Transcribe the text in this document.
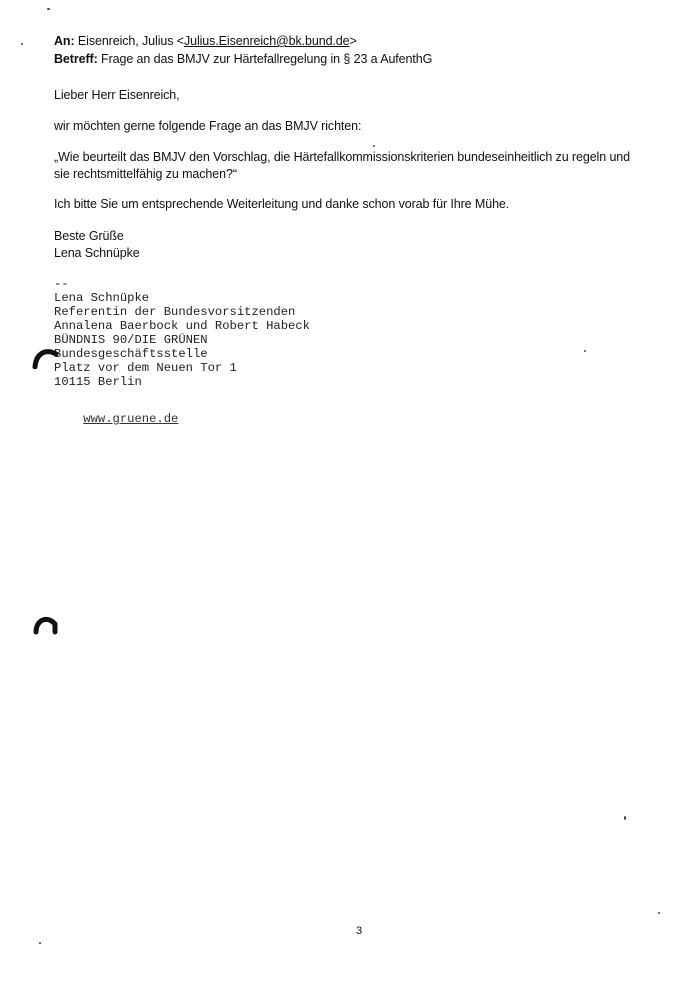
An: Eisenreich, Julius <Julius.Eisenreich@bk.bund.de>
Betreff: Frage an das BMJV zur Härtefallregelung in § 23 a AufenthG
Lieber Herr Eisenreich,
wir möchten gerne folgende Frage an das BMJV richten:
„Wie beurteilt das BMJV den Vorschlag, die Härtefallkommissionskriterien bundeseinheitlich zu regeln und sie rechtsmittelfähig zu machen?“
Ich bitte Sie um entsprechende Weiterleitung und danke schon vorab für Ihre Mühe.
Beste Grüße
Lena Schnüpke
--
Lena Schnüpke
Referentin der Bundesvorsitzenden
Annalena Baerbock und Robert Habeck
BÜNDNIS 90/DIE GRÜNEN
Bundesgeschäftsstelle
Platz vor dem Neuen Tor 1
10115 Berlin

www.gruene.de

3
